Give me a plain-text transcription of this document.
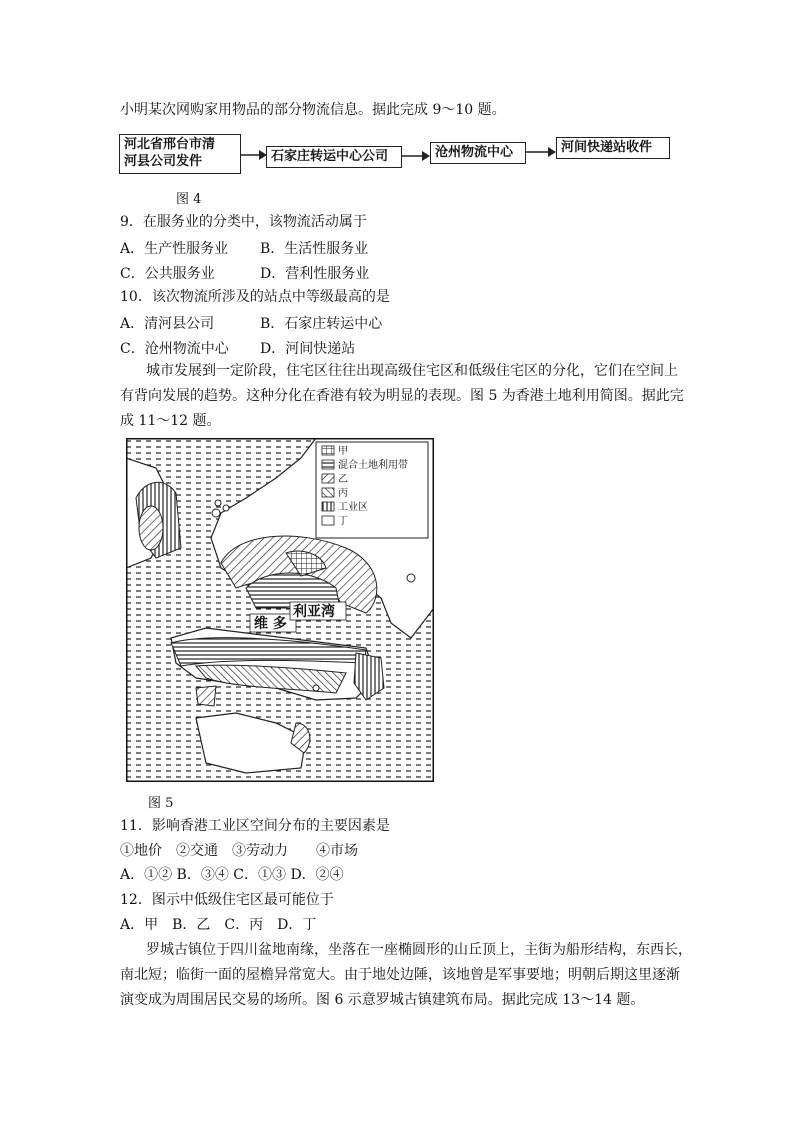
小明某次网购家用物品的部分物流信息。据此完成 9～10 题。
河北省邢台市清
河县公司发件	石家庄转运中心公司	沧州物流中心	河间快递站收件
图 4
9．在服务业的分类中，该物流活动属于
A．生产性服务业 B．生活性服务业
C．公共服务业	D．营利性服务业
10．该次物流所涉及的站点中等级最高的是
A．清河县公司	B．石家庄转运中心
C．沧州物流中心 D．河间快递站
城市发展到一定阶段，住宅区往往出现高级住宅区和低级住宅区的分化，它们在空间上
有背向发展的趋势。这种分化在香港有较为明显的表现。图 5 为香港土地利用简图。据此完
成 11～12 题。
维 多
利亚湾
甲
混合土地利用带
乙
丙
工业区
丁
图 5
11．影响香港工业区空间分布的主要因素是
①地价　②交通　③劳动力　　④市场
A．①② B．③④ C．①③ D．②④
12．图示中低级住宅区最可能位于
A．甲　B．乙　C．丙　D．丁
罗城古镇位于四川盆地南缘，坐落在一座椭圆形的山丘顶上，主街为船形结构，东西长，
南北短；临街一面的屋檐异常宽大。由于地处边陲，该地曾是军事要地；明朝后期这里逐渐
演变成为周围居民交易的场所。图 6 示意罗城古镇建筑布局。据此完成 13～14 题。
